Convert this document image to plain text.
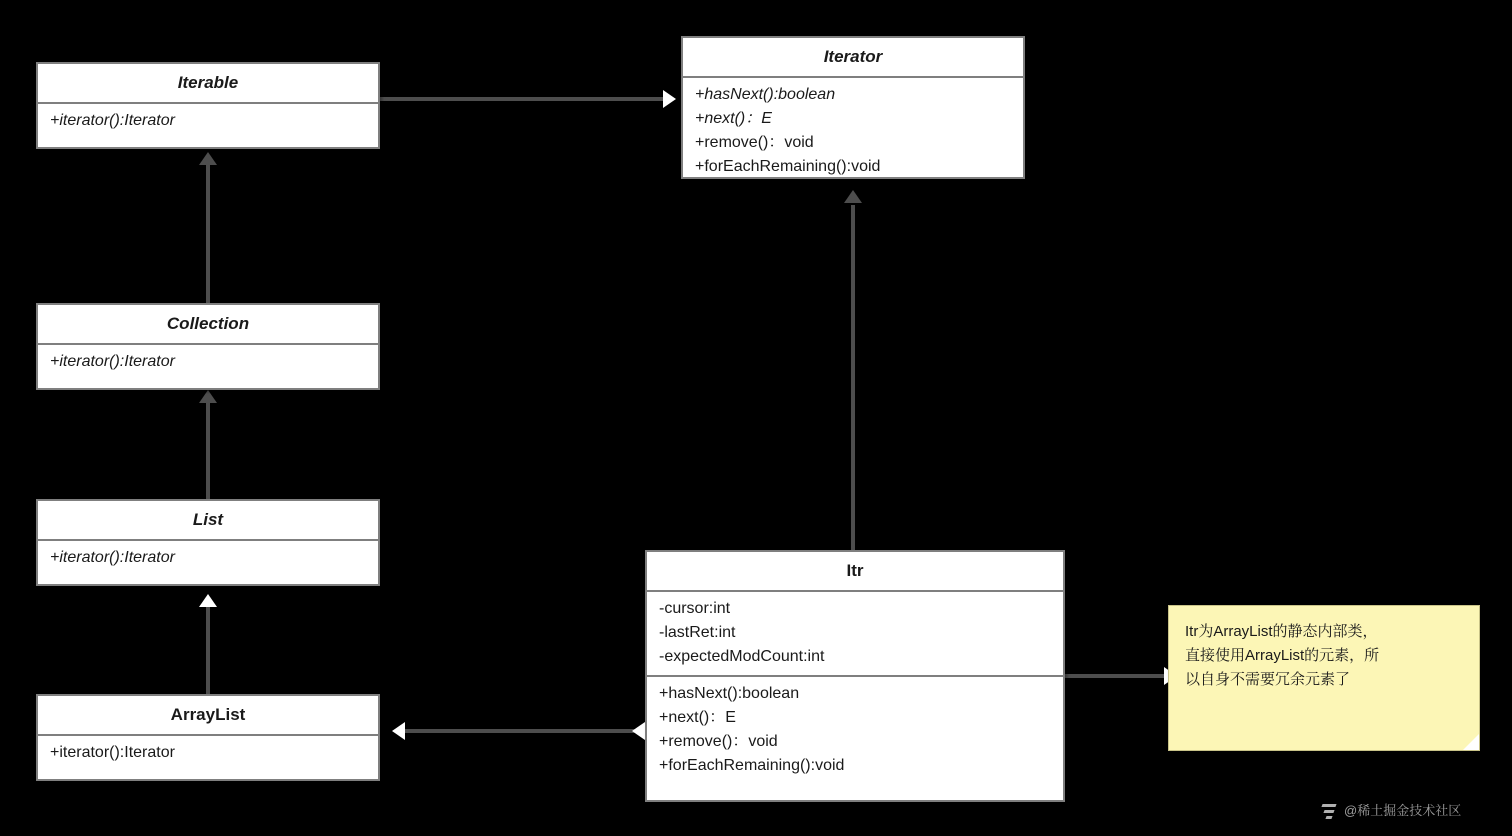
Iterable
+iterator():Iterator
Collection
+iterator():Iterator
List
+iterator():Iterator
ArrayList
+iterator():Iterator
Iterator
+hasNext():boolean
+next()：E
+remove()：void
+forEachRemaining():void
Itr
-cursor:int
-lastRet:int
-expectedModCount:int
+hasNext():boolean
+next()：E
+remove()：void
+forEachRemaining():void
Itr为ArrayList的静态内部类，
直接使用ArrayList的元素，所
以自身不需要冗余元素了
@稀土掘金技术社区
